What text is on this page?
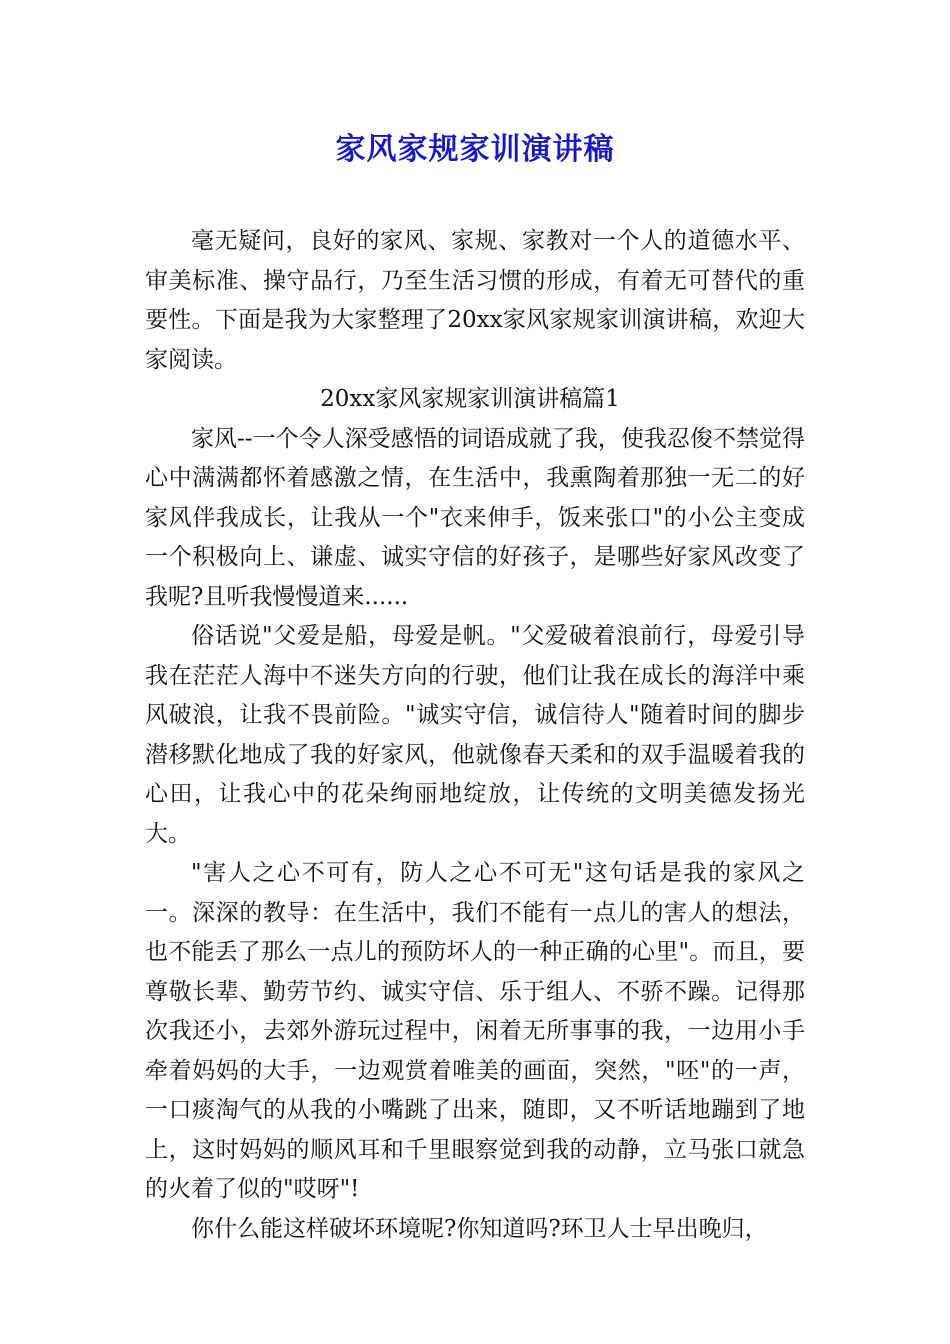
家风家规家训演讲稿

毫无疑问，良好的家风、家规、家教对一个人的道德水平、审美标准、操守品行，乃至生活习惯的形成，有着无可替代的重要性。下面是我为大家整理了20xx家风家规家训演讲稿，欢迎大家阅读。

20xx家风家规家训演讲稿篇1

家风--一个令人深受感悟的词语成就了我，使我忍俊不禁觉得心中满满都怀着感激之情，在生活中，我熏陶着那独一无二的好家风伴我成长，让我从一个"衣来伸手，饭来张口"的小公主变成一个积极向上、谦虚、诚实守信的好孩子，是哪些好家风改变了我呢?且听我慢慢道来......

俗话说"父爱是船，母爱是帆。"父爱破着浪前行，母爱引导我在茫茫人海中不迷失方向的行驶，他们让我在成长的海洋中乘风破浪，让我不畏前险。"诚实守信，诚信待人"随着时间的脚步潜移默化地成了我的好家风，他就像春天柔和的双手温暖着我的心田，让我心中的花朵绚丽地绽放，让传统的文明美德发扬光大。

"害人之心不可有，防人之心不可无"这句话是我的家风之一。深深的教导：在生活中，我们不能有一点儿的害人的想法，也不能丢了那么一点儿的预防坏人的一种正确的心里"。而且，要尊敬长辈、勤劳节约、诚实守信、乐于组人、不骄不躁。记得那次我还小，去郊外游玩过程中，闲着无所事事的我，一边用小手牵着妈妈的大手，一边观赏着唯美的画面，突然，"呸"的一声，一口痰淘气的从我的小嘴跳了出来，随即，又不听话地蹦到了地上，这时妈妈的顺风耳和千里眼察觉到我的动静，立马张口就急的火着了似的"哎呀"!

你什么能这样破坏环境呢?你知道吗?环卫人士早出晚归，
